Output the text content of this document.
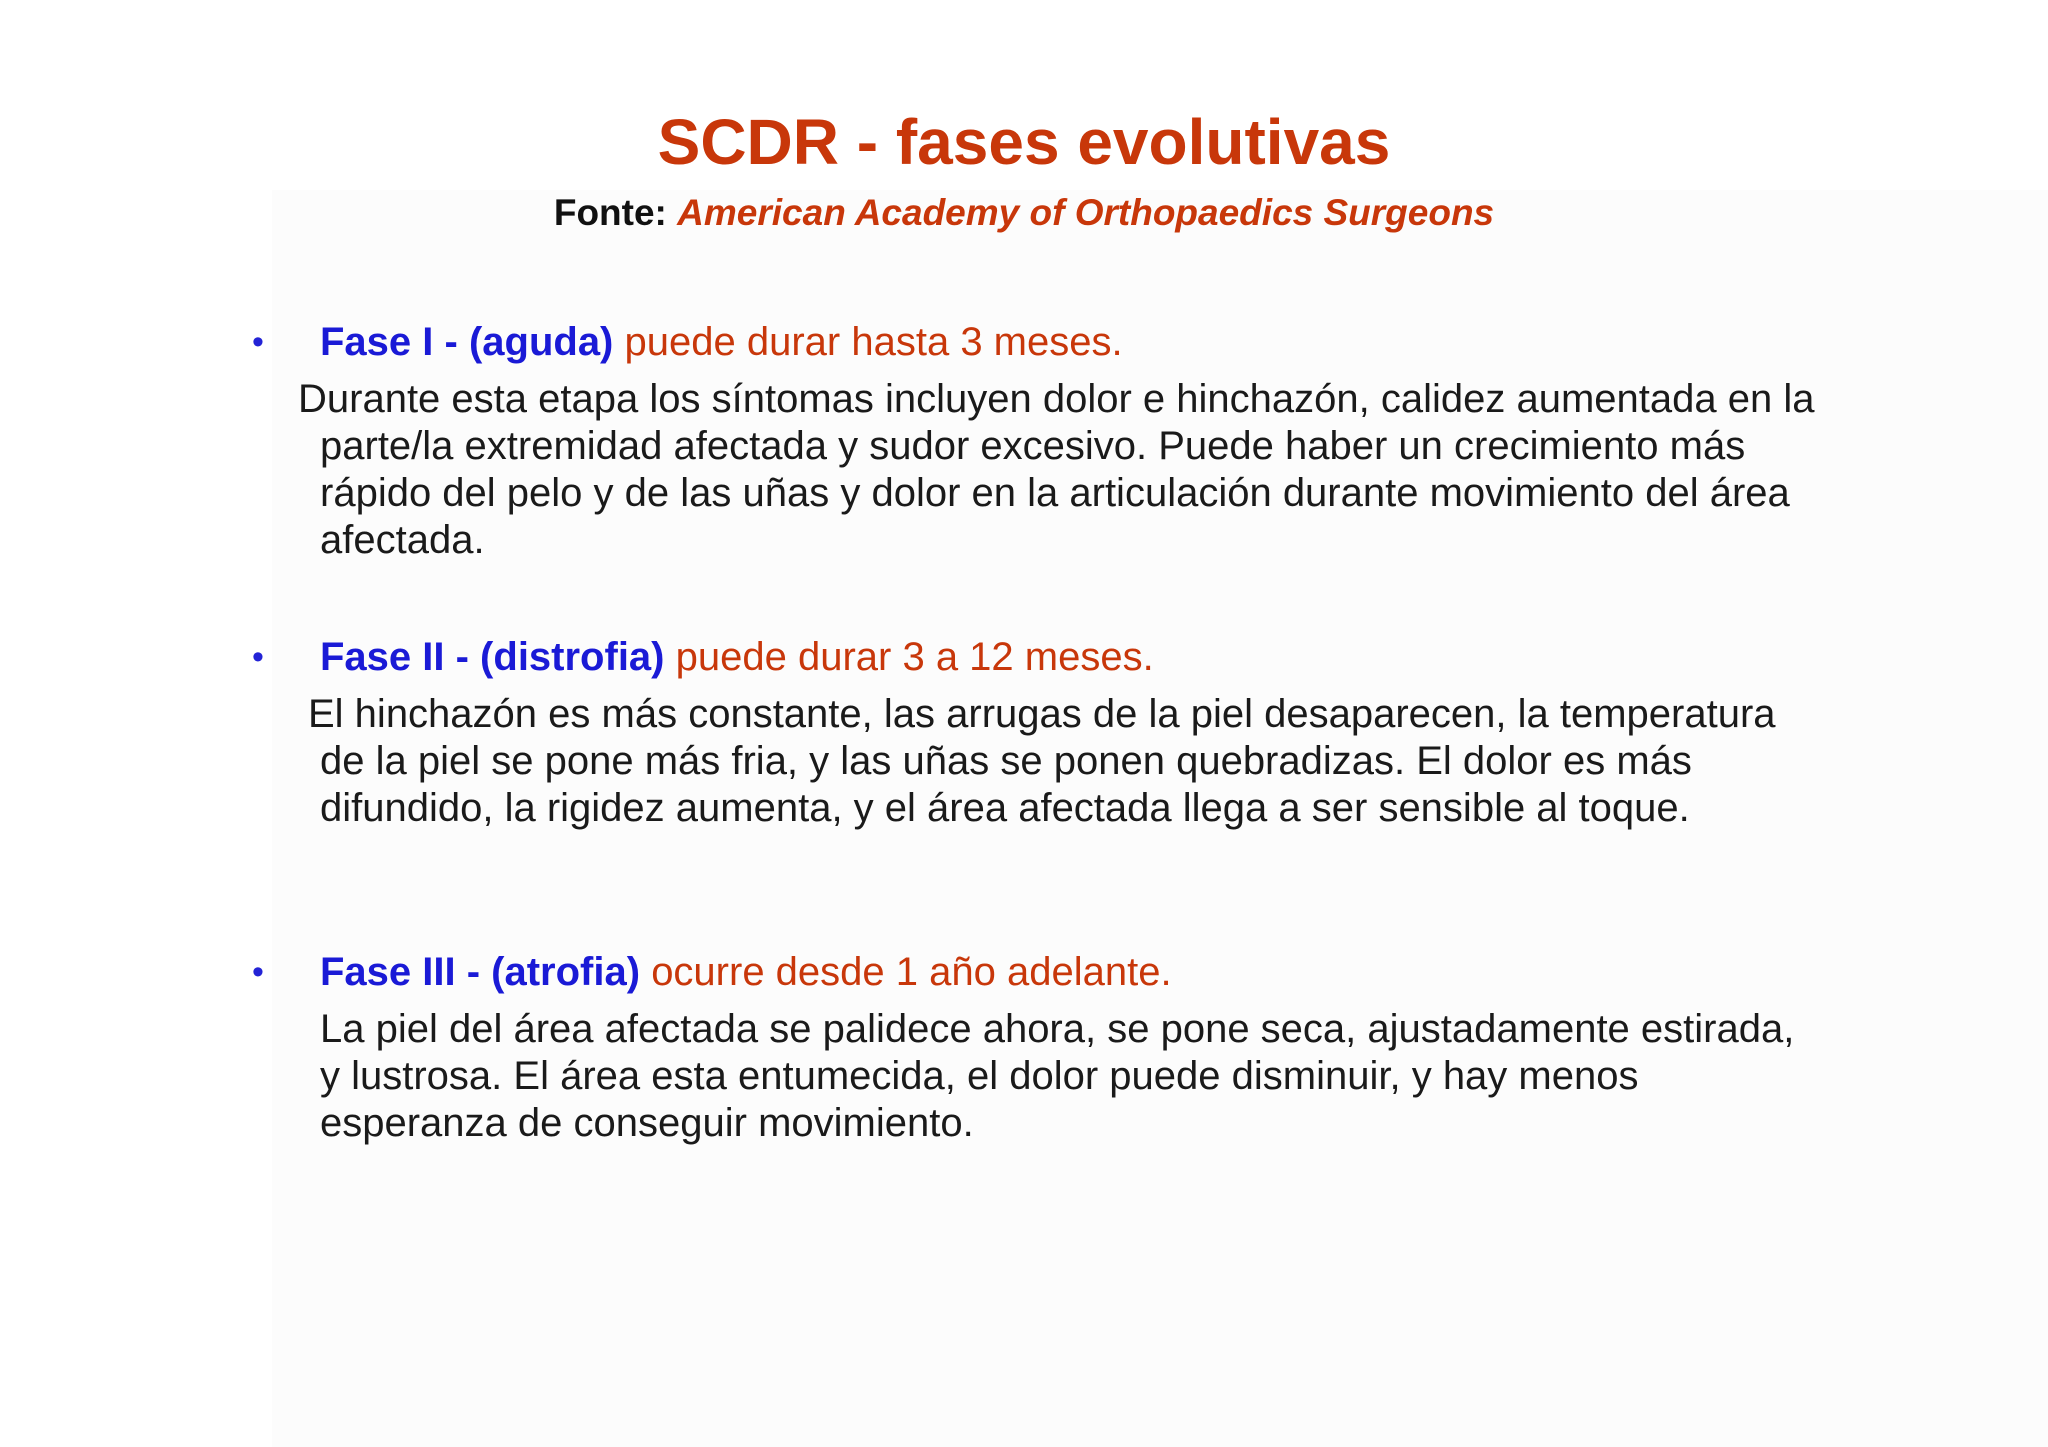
SCDR - fases evolutivas

Fonte: American Academy of Orthopaedics Surgeons

• Fase I - (aguda) puede durar hasta 3 meses.
Durante esta etapa los síntomas incluyen dolor e hinchazón, calidez aumentada en la parte/la extremidad afectada y sudor excesivo. Puede haber un crecimiento más rápido del pelo y de las uñas y dolor en la articulación durante movimiento del área afectada.
• Fase II - (distrofia) puede durar 3 a 12 meses.
El hinchazón es más constante, las arrugas de la piel desaparecen, la temperatura de la piel se pone más fria, y las uñas se ponen quebradizas. El dolor es más difundido, la rigidez aumenta, y el área afectada llega a ser sensible al toque.
• Fase III - (atrofia) ocurre desde 1 año adelante.
La piel del área afectada se palidece ahora, se pone seca, ajustadamente estirada, y lustrosa. El área esta entumecida, el dolor puede disminuir, y hay menos esperanza de conseguir movimiento.
